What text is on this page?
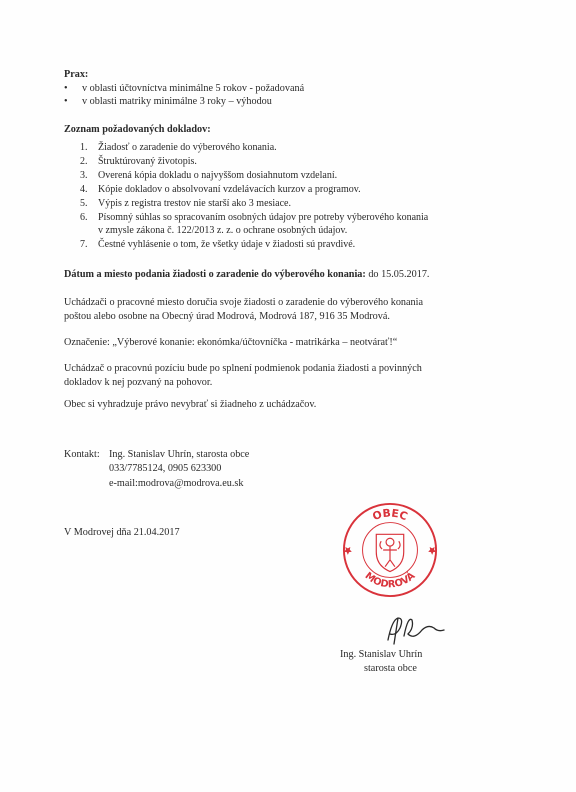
Prax:
• v oblasti účtovníctva minimálne 5 rokov - požadovaná
• v oblasti matriky minimálne 3 roky – výhodou
Zoznam požadovaných dokladov:
1.	Žiadosť o zaradenie do výberového konania.
2.	Štruktúrovaný životopis.
3.	Overená kópia dokladu o najvyššom dosiahnutom vzdelaní.
4.	Kópie dokladov o absolvovaní vzdelávacích kurzov a programov.
5.	Výpis z registra trestov nie starší ako 3 mesiace.
6.	Písomný súhlas so spracovaním osobných údajov pre potreby výberového konania
v zmysle zákona č. 122/2013 z. z. o ochrane osobných údajov.
7.	Čestné vyhlásenie o tom, že všetky údaje v žiadosti sú pravdivé.
Dátum a miesto podania žiadosti o zaradenie do výberového konania: do 15.05.2017.
Uchádzači o pracovné miesto doručia svoje žiadosti o zaradenie do výberového konania
poštou alebo osobne na Obecný úrad Modrová, Modrová 187, 916 35 Modrová.
Označenie: „Výberové konanie: ekonómka/účtovníčka - matrikárka – neotvárať!“
Uchádzač o pracovnú pozíciu bude po splnení podmienok podania žiadosti a povinných
dokladov k nej pozvaný na pohovor.
Obec si vyhradzuje právo nevybrať si žiadneho z uchádzačov.
Kontakt: Ing. Stanislav Uhrín, starosta obce
033/7785124, 0905 623300
e-mail:modrova@modrova.eu.sk
V Modrovej dňa 21.04.2017
OBEC
MODROVÁ
Ing. Stanislav Uhrín
starosta obce
